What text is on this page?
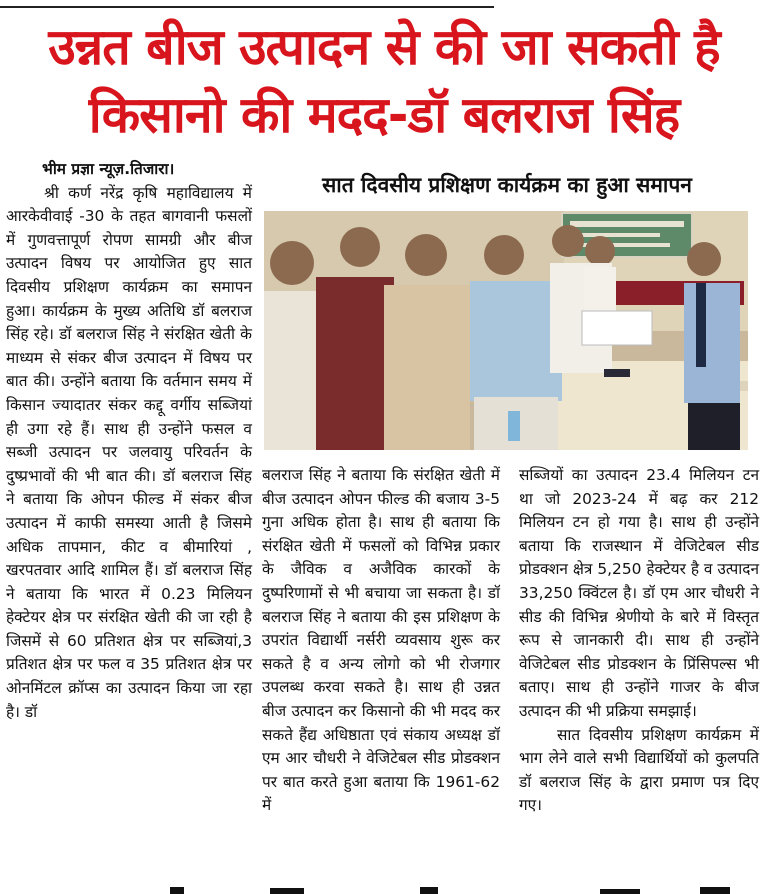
उन्नत बीज उत्पादन से की जा सकती है
किसानो की मदद-डॉ बलराज सिंह

भीम प्रज्ञा न्यूज़.तिजारा।

श्री कर्ण नरेंद्र कृषि महाविद्यालय में आरकेवीवाई -30 के तहत बागवानी फसलों में गुणवत्तापूर्ण रोपण सामग्री और बीज उत्पादन विषय पर आयोजित हुए सात दिवसीय प्रशिक्षण कार्यक्रम का समापन हुआ। कार्यक्रम के मुख्य अतिथि डॉ बलराज सिंह रहे। डॉ बलराज सिंह ने संरक्षित खेती के माध्यम से संकर बीज उत्पादन में विषय पर बात की। उन्होंने बताया कि वर्तमान समय में किसान ज्यादातर संकर कद्दू वर्गीय सब्जियां ही उगा रहे हैं। साथ ही उन्होंने फसल व सब्जी उत्पादन पर जलवायु परिवर्तन के दुष्प्रभावों की भी बात की। डॉ बलराज सिंह ने बताया कि ओपन फील्ड में संकर बीज उत्पादन में काफी समस्या आती है जिसमे अधिक तापमान, कीट व बीमारियां , खरपतवार आदि शामिल हैं। डॉ बलराज सिंह ने बताया कि भारत में 0.23 मिलियन हेक्टेयर क्षेत्र पर संरक्षित खेती की जा रही है जिसमें से 60 प्रतिशत क्षेत्र पर सब्जियां,3 प्रतिशत क्षेत्र पर फल व 35 प्रतिशत क्षेत्र पर ओनमिंटल क्रॉप्स का उत्पादन किया जा रहा है। डॉ

सात दिवसीय प्रशिक्षण कार्यक्रम का हुआ समापन

बलराज सिंह ने बताया कि संरक्षित खेती में बीज उत्पादन ओपन फील्ड की बजाय 3-5 गुना अधिक होता है। साथ ही बताया कि संरक्षित खेती में फसलों को विभिन्न प्रकार के जैविक व अजैविक कारकों के दुष्परिणामों से भी बचाया जा सकता है। डॉ बलराज सिंह ने बताया की इस प्रशिक्षण के उपरांत विद्यार्थी नर्सरी व्यवसाय शुरू कर सकते है व अन्य लोगो को भी रोजगार उपलब्ध करवा सकते है। साथ ही उन्नत बीज उत्पादन कर किसानो की भी मदद कर सकते हैंद्य अधिष्ठाता एवं संकाय अध्यक्ष डॉ एम आर चौधरी ने वेजिटेबल सीड प्रोडक्शन पर बात करते हुआ बताया कि 1961-62 में

सब्जियों का उत्पादन 23.4 मिलियन टन था जो 2023-24 में बढ़ कर 212 मिलियन टन हो गया है। साथ ही उन्होंने बताया कि राजस्थान में वेजिटेबल सीड प्रोडक्शन क्षेत्र 5,250 हेक्टेयर है व उत्पादन 33,250 क्विंटल है। डॉ एम आर चौधरी ने सीड की विभिन्न श्रेणीयो के बारे में विस्तृत रूप से जानकारी दी। साथ ही उन्होंने वेजिटेबल सीड प्रोडक्शन के प्रिंसिपल्स भी बताए। साथ ही उन्होंने गाजर के बीज उत्पादन की भी प्रक्रिया समझाई।

सात दिवसीय प्रशिक्षण कार्यक्रम में भाग लेने वाले सभी विद्यार्थियों को कुलपति डॉ बलराज सिंह के द्वारा प्रमाण पत्र दिए गए।
